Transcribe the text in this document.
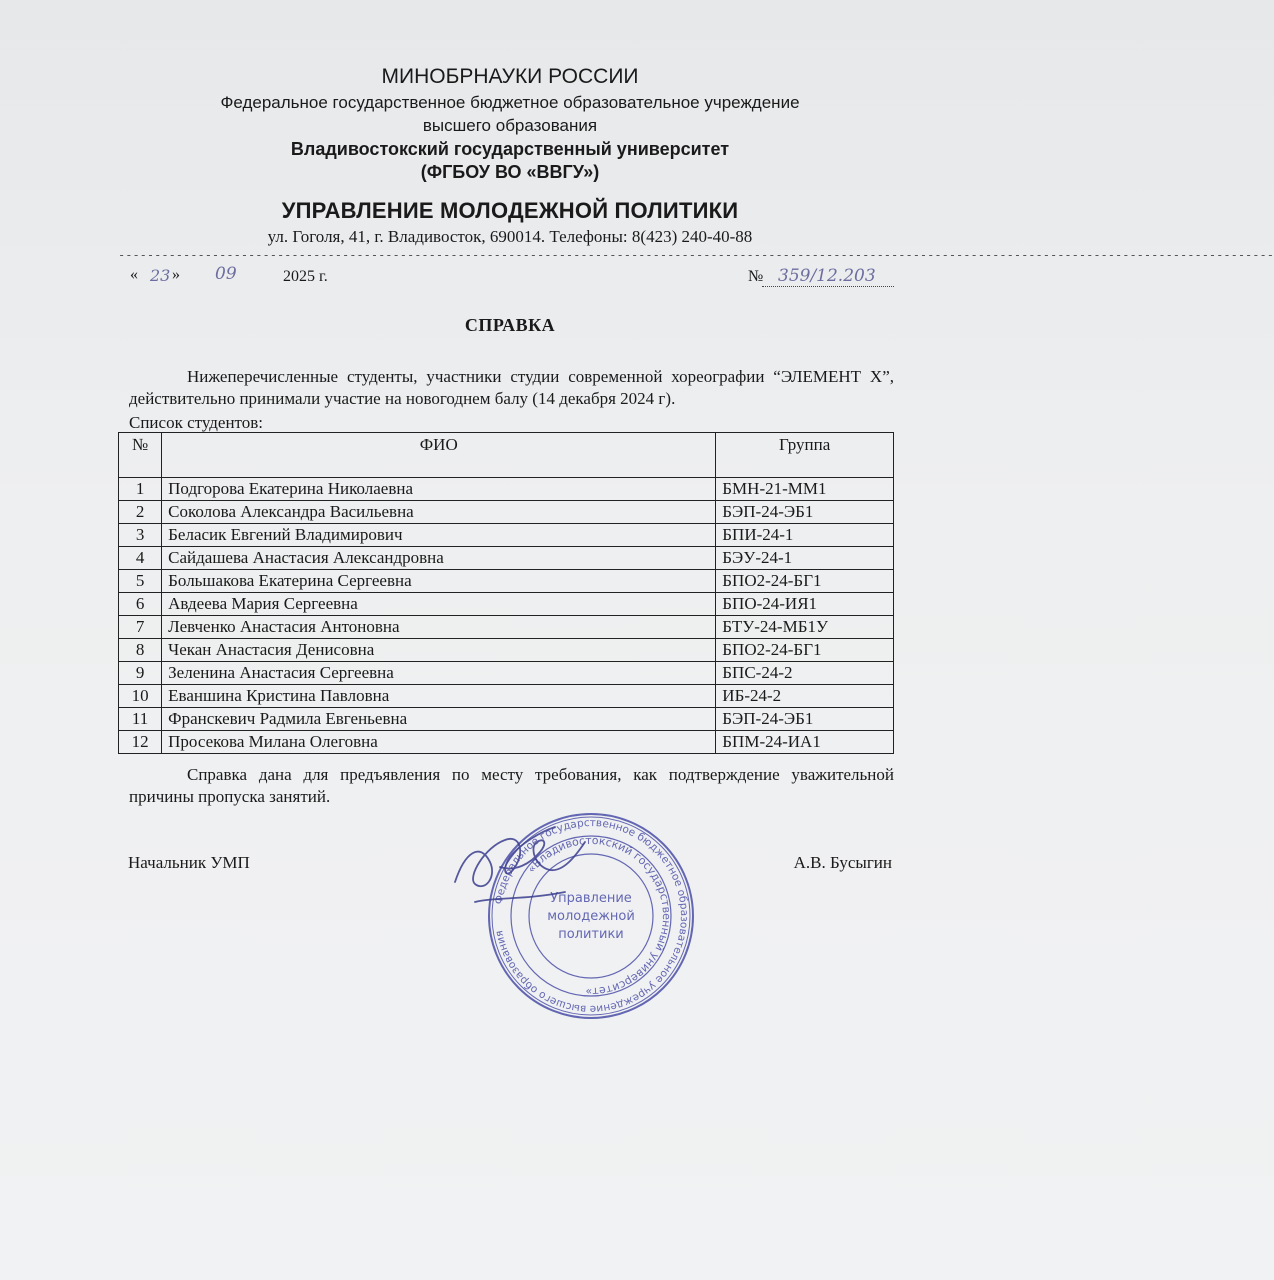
МИНОБРНАУКИ РОССИИ
Федеральное государственное бюджетное образовательное учреждение
высшего образования
Владивостокский государственный университет
(ФГБОУ ВО «ВВГУ»)
УПРАВЛЕНИЕ МОЛОДЕЖНОЙ ПОЛИТИКИ
ул. Гоголя, 41, г. Владивосток, 690014. Телефоны: 8(423) 240-40-88
----------------------------------------------------------------------------------------------------------------------------------------------------------------
« 23 » 09	2025 г.	№ 359/12.203
СПРАВКА
Нижеперечисленные студенты, участники студии современной хореографии “ЭЛЕМЕНТ X”, действительно принимали участие на новогоднем балу (14 декабря 2024 г).
Список студентов:
№	ФИО	Группа
1	Подгорова Екатерина Николаевна	БМН-21-ММ1
2	Соколова Александра Васильевна	БЭП-24-ЭБ1
3	Беласик Евгений Владимирович	БПИ-24-1
4	Сайдашева Анастасия Александровна	БЭУ-24-1
5	Большакова Екатерина Сергеевна	БПО2-24-БГ1
6	Авдеева Мария Сергеевна	БПО-24-ИЯ1
7	Левченко Анастасия Антоновна	БТУ-24-МБ1У
8	Чекан Анастасия Денисовна	БПО2-24-БГ1
9	Зеленина Анастасия Сергеевна	БПС-24-2
10	Еваншина Кристина Павловна	ИБ-24-2
11	Франскевич Радмила Евгеньевна	БЭП-24-ЭБ1
12	Просекова Милана Олеговна	БПМ-24-ИА1
Справка дана для предъявления по месту требования, как подтверждение уважительной причины пропуска занятий.
Начальник УМП	А.В. Бусыгин
Федеральное государственное бюджетное образовательное учреждение высшего образования
«Владивостокский государственный университет»
Управление
молодежной
политики
